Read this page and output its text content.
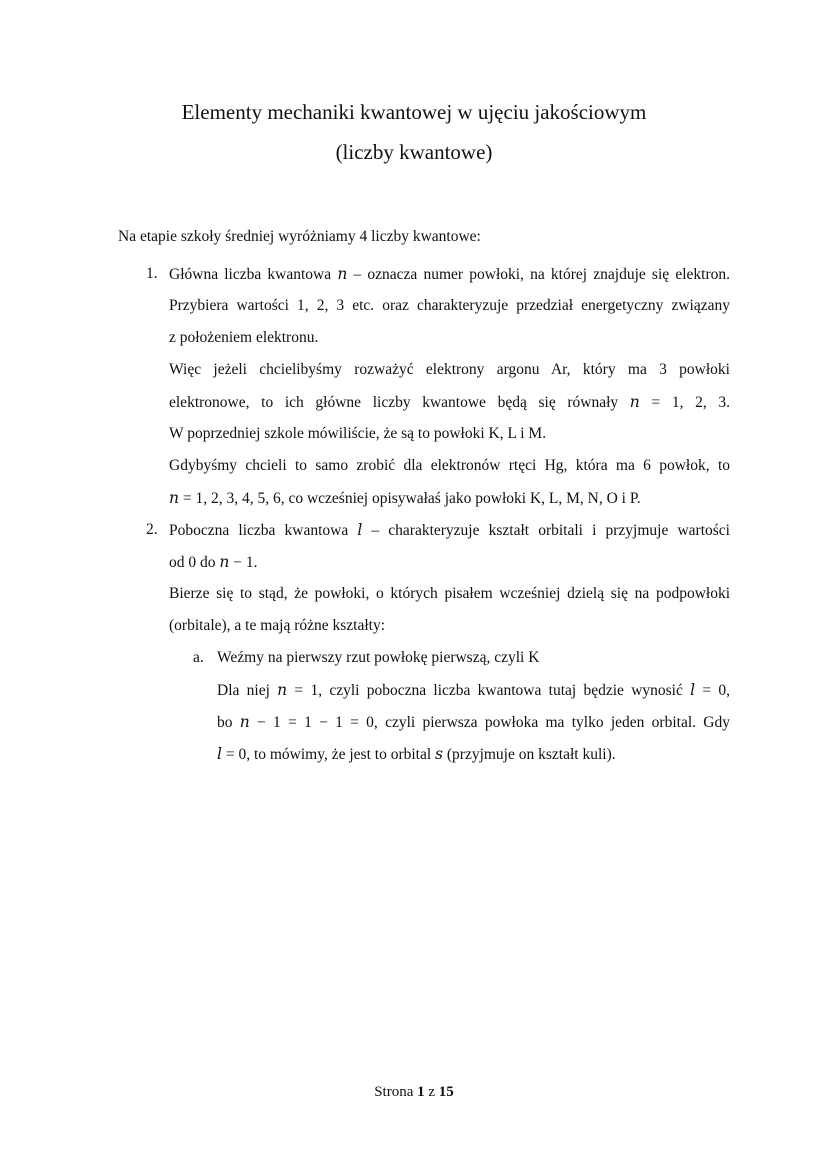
Elementy mechaniki kwantowej w ujęciu jakościowym
(liczby kwantowe)
Na etapie szkoły średniej wyróżniamy 4 liczby kwantowe:
1. Główna liczba kwantowa 𝑛 – oznacza numer powłoki, na której znajduje się elektron.
Przybiera wartości 1, 2, 3 etc. oraz charakteryzuje przedział energetyczny związany
z położeniem elektronu.
Więc jeżeli chcielibyśmy rozważyć elektrony argonu Ar, który ma 3 powłoki
elektronowe, to ich główne liczby kwantowe będą się równały 𝑛 = 1, 2, 3.
W poprzedniej szkole mówiliście, że są to powłoki K, L i M.
Gdybyśmy chcieli to samo zrobić dla elektronów rtęci Hg, która ma 6 powłok, to
𝑛 = 1, 2, 3, 4, 5, 6, co wcześniej opisywałaś jako powłoki K, L, M, N, O i P.
2. Poboczna liczba kwantowa 𝑙 – charakteryzuje kształt orbitali i przyjmuje wartości
od 0 do 𝑛 − 1.
Bierze się to stąd, że powłoki, o których pisałem wcześniej dzielą się na podpowłoki
(orbitale), a te mają różne kształty:
a. Weźmy na pierwszy rzut powłokę pierwszą, czyli K
Dla niej 𝑛 = 1, czyli poboczna liczba kwantowa tutaj będzie wynosić 𝑙 = 0,
bo 𝑛 − 1 = 1 − 1 = 0, czyli pierwsza powłoka ma tylko jeden orbital. Gdy
𝑙 = 0, to mówimy, że jest to orbital 𝑠 (przyjmuje on kształt kuli).
Strona 1 z 15
